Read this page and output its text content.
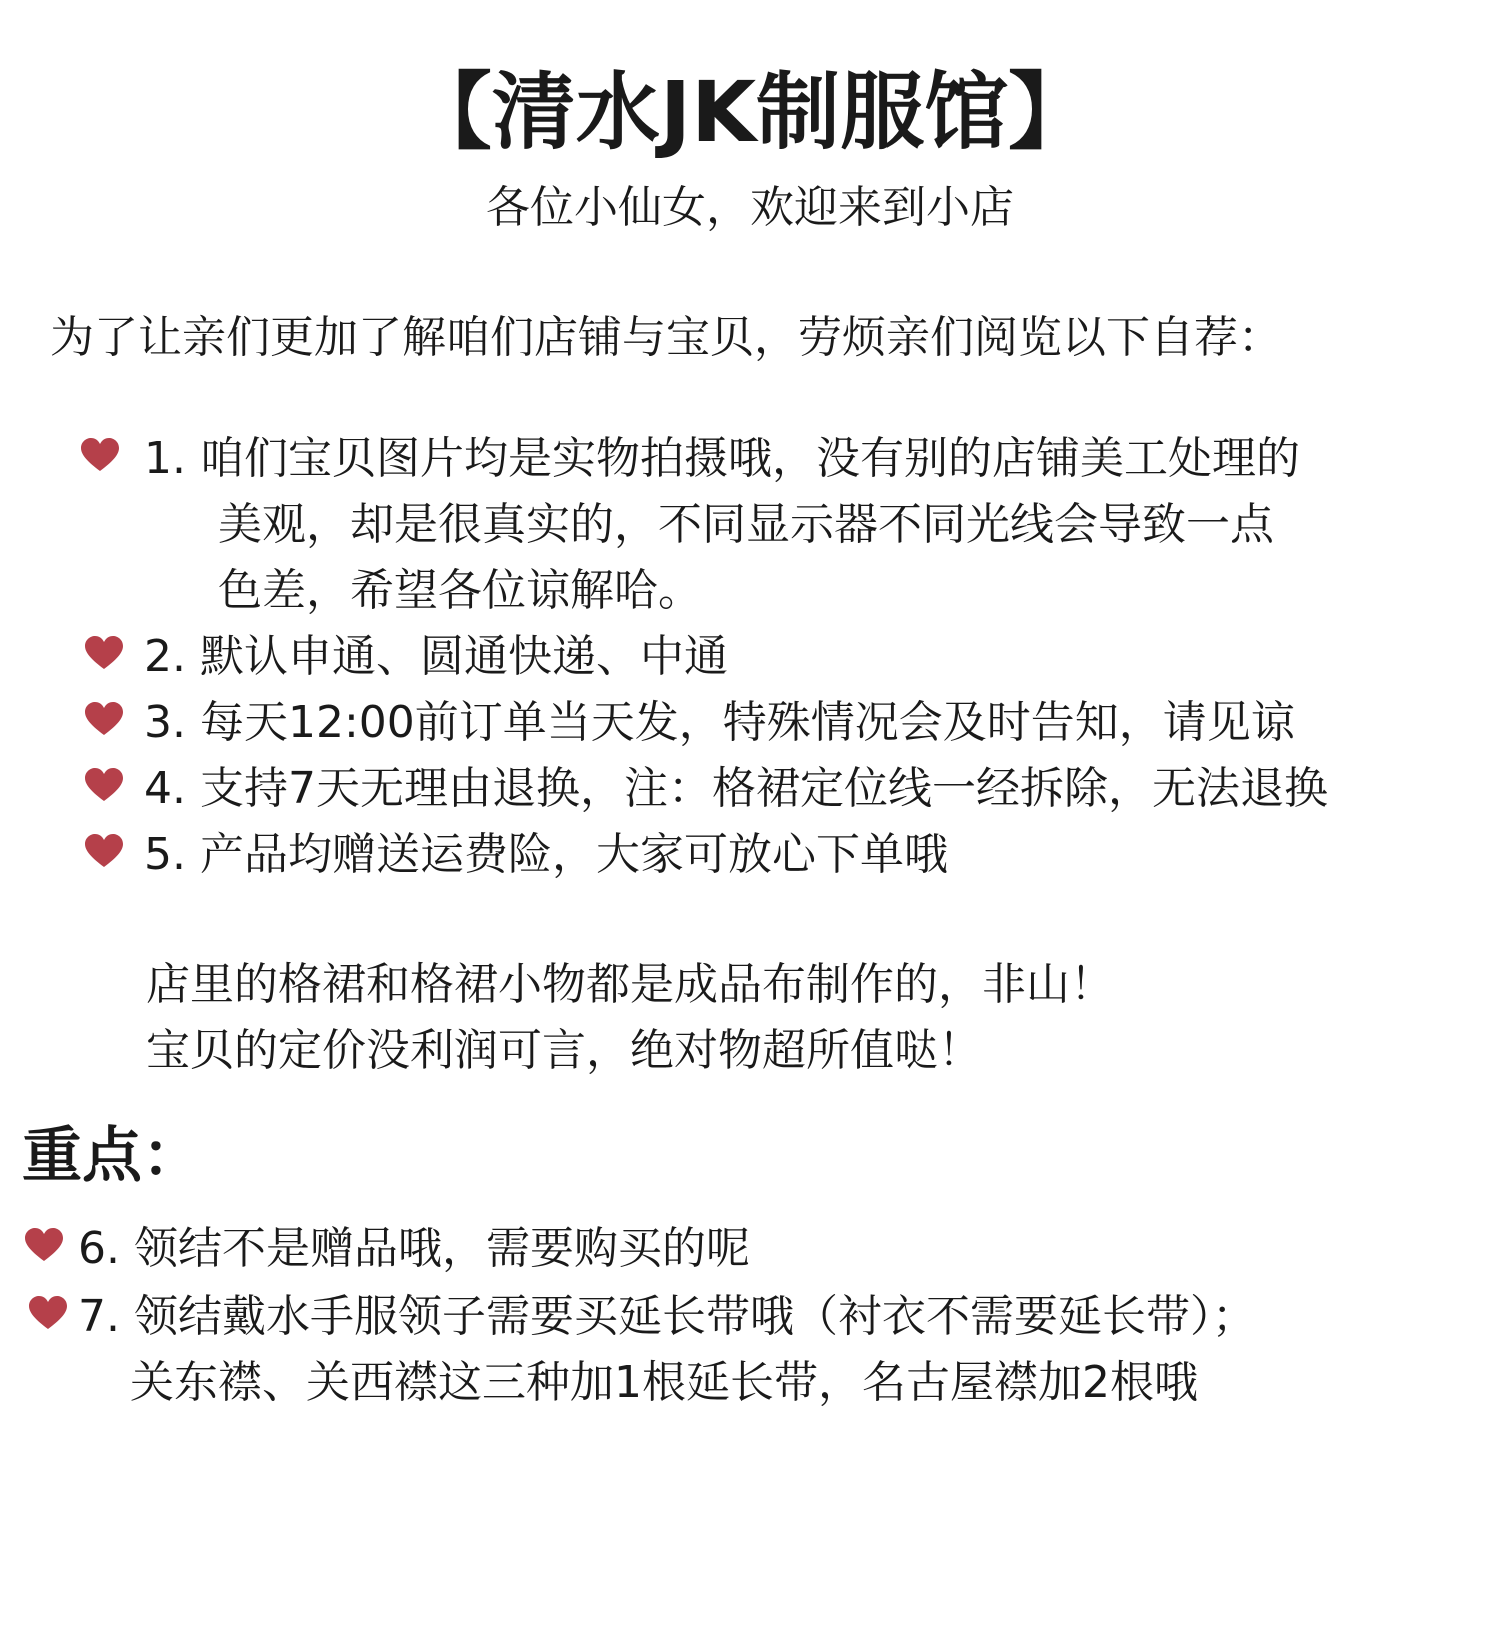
【清水JK制服馆】
各位小仙女，欢迎来到小店
为了让亲们更加了解咱们店铺与宝贝，劳烦亲们阅览以下自荐：
1. 咱们宝贝图片均是实物拍摄哦，没有别的店铺美工处理的
美观，却是很真实的，不同显示器不同光线会导致一点
色差，希望各位谅解哈。
2. 默认申通、圆通快递、中通
3. 每天12:00前订单当天发，特殊情况会及时告知，请见谅
4. 支持7天无理由退换，注：格裙定位线一经拆除，无法退换
5. 产品均赠送运费险，大家可放心下单哦
店里的格裙和格裙小物都是成品布制作的，非山！
宝贝的定价没利润可言，绝对物超所值哒！
重点：
6. 领结不是赠品哦，需要购买的呢
7. 领结戴水手服领子需要买延长带哦（衬衣不需要延长带）；
关东襟、关西襟这三种加1根延长带，名古屋襟加2根哦
